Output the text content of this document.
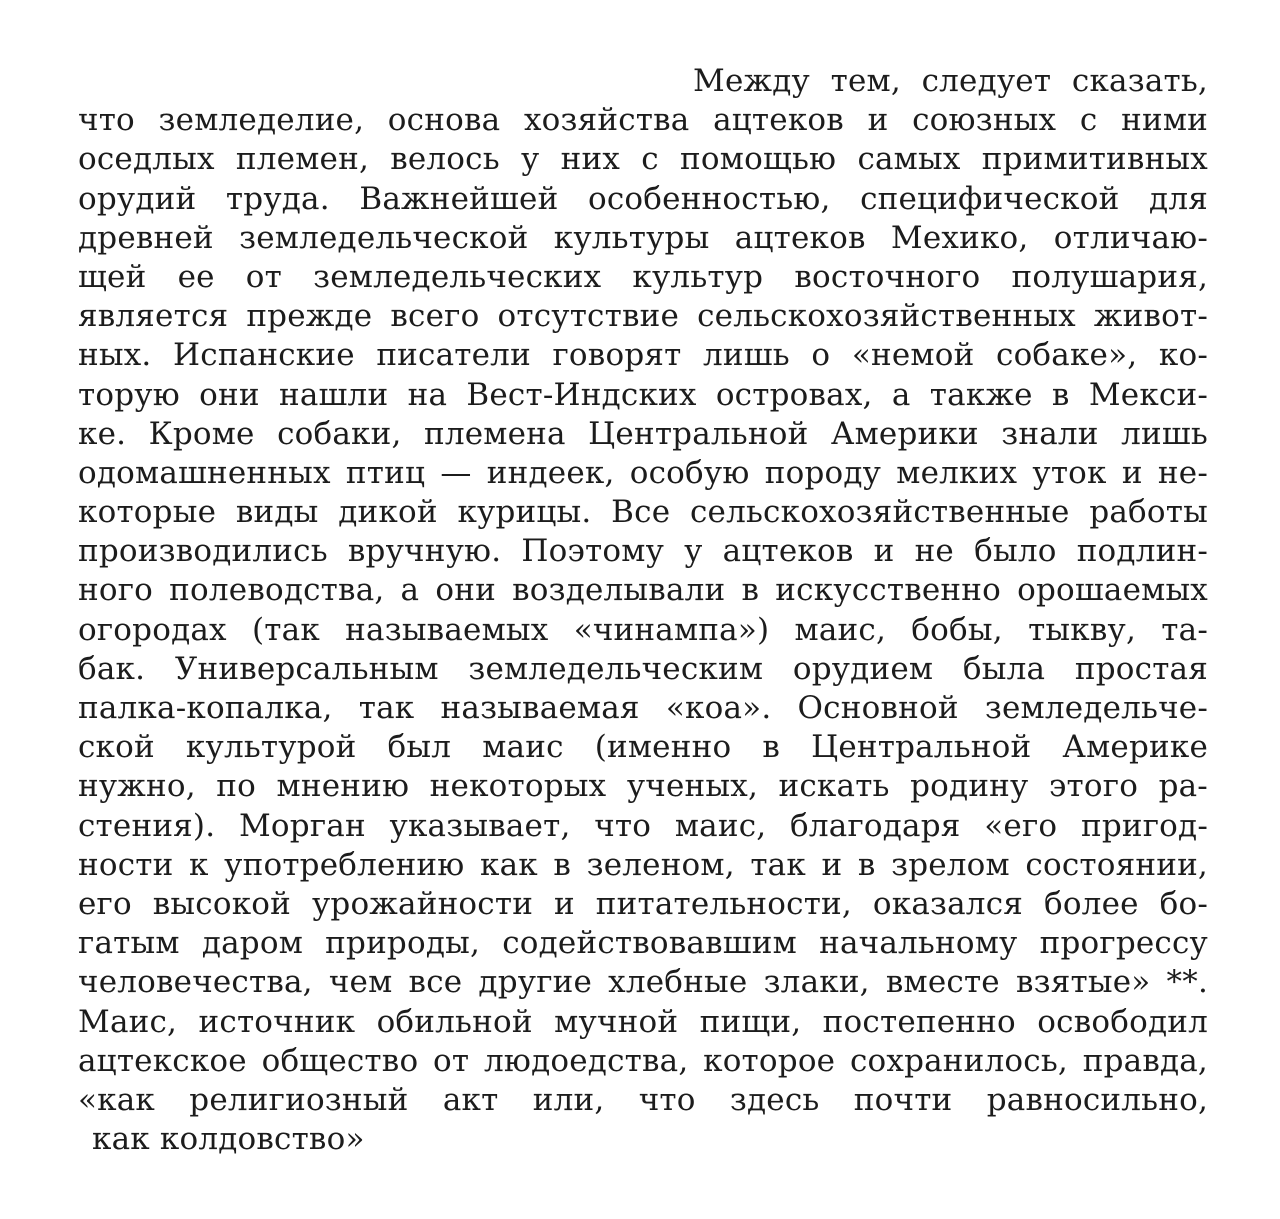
Между тем, следует сказать,
что земледелие, основа хозяйства ацтеков и союзных с ними
оседлых племен, велось у них с помощью самых примитивных
орудий труда. Важнейшей особенностью, специфической для
древней земледельческой культуры ацтеков Мехико, отличаю-
щей ее от земледельческих культур восточного полушария,
является прежде всего отсутствие сельскохозяйственных живот-
ных. Испанские писатели говорят лишь о «немой собаке», ко-
торую они нашли на Вест-Индских островах, а также в Мекси-
ке. Кроме собаки, племена Центральной Америки знали лишь
одомашненных птиц — индеек, особую породу мелких уток и не-
которые виды дикой курицы. Все сельскохозяйственные работы
производились вручную. Поэтому у ацтеков и не было подлин-
ного полеводства, а они возделывали в искусственно орошаемых
огородах (так называемых «чинампа») маис, бобы, тыкву, та-
бак. Универсальным земледельческим орудием была простая
палка-копалка, так называемая «коа». Основной земледельче-
ской культурой был маис (именно в Центральной Америке
нужно, по мнению некоторых ученых, искать родину этого ра-
стения). Морган указывает, что маис, благодаря «его пригод-
ности к употреблению как в зеленом, так и в зрелом состоянии,
его высокой урожайности и питательности, оказался более бо-
гатым даром природы, содействовавшим начальному прогрессу
человечества, чем все другие хлебные злаки, вместе взятые» **.
Маис, источник обильной мучной пищи, постепенно освободил
ацтекское общество от людоедства, которое сохранилось, правда,
«как религиозный акт или, что здесь почти равносильно,
как колдовство»
